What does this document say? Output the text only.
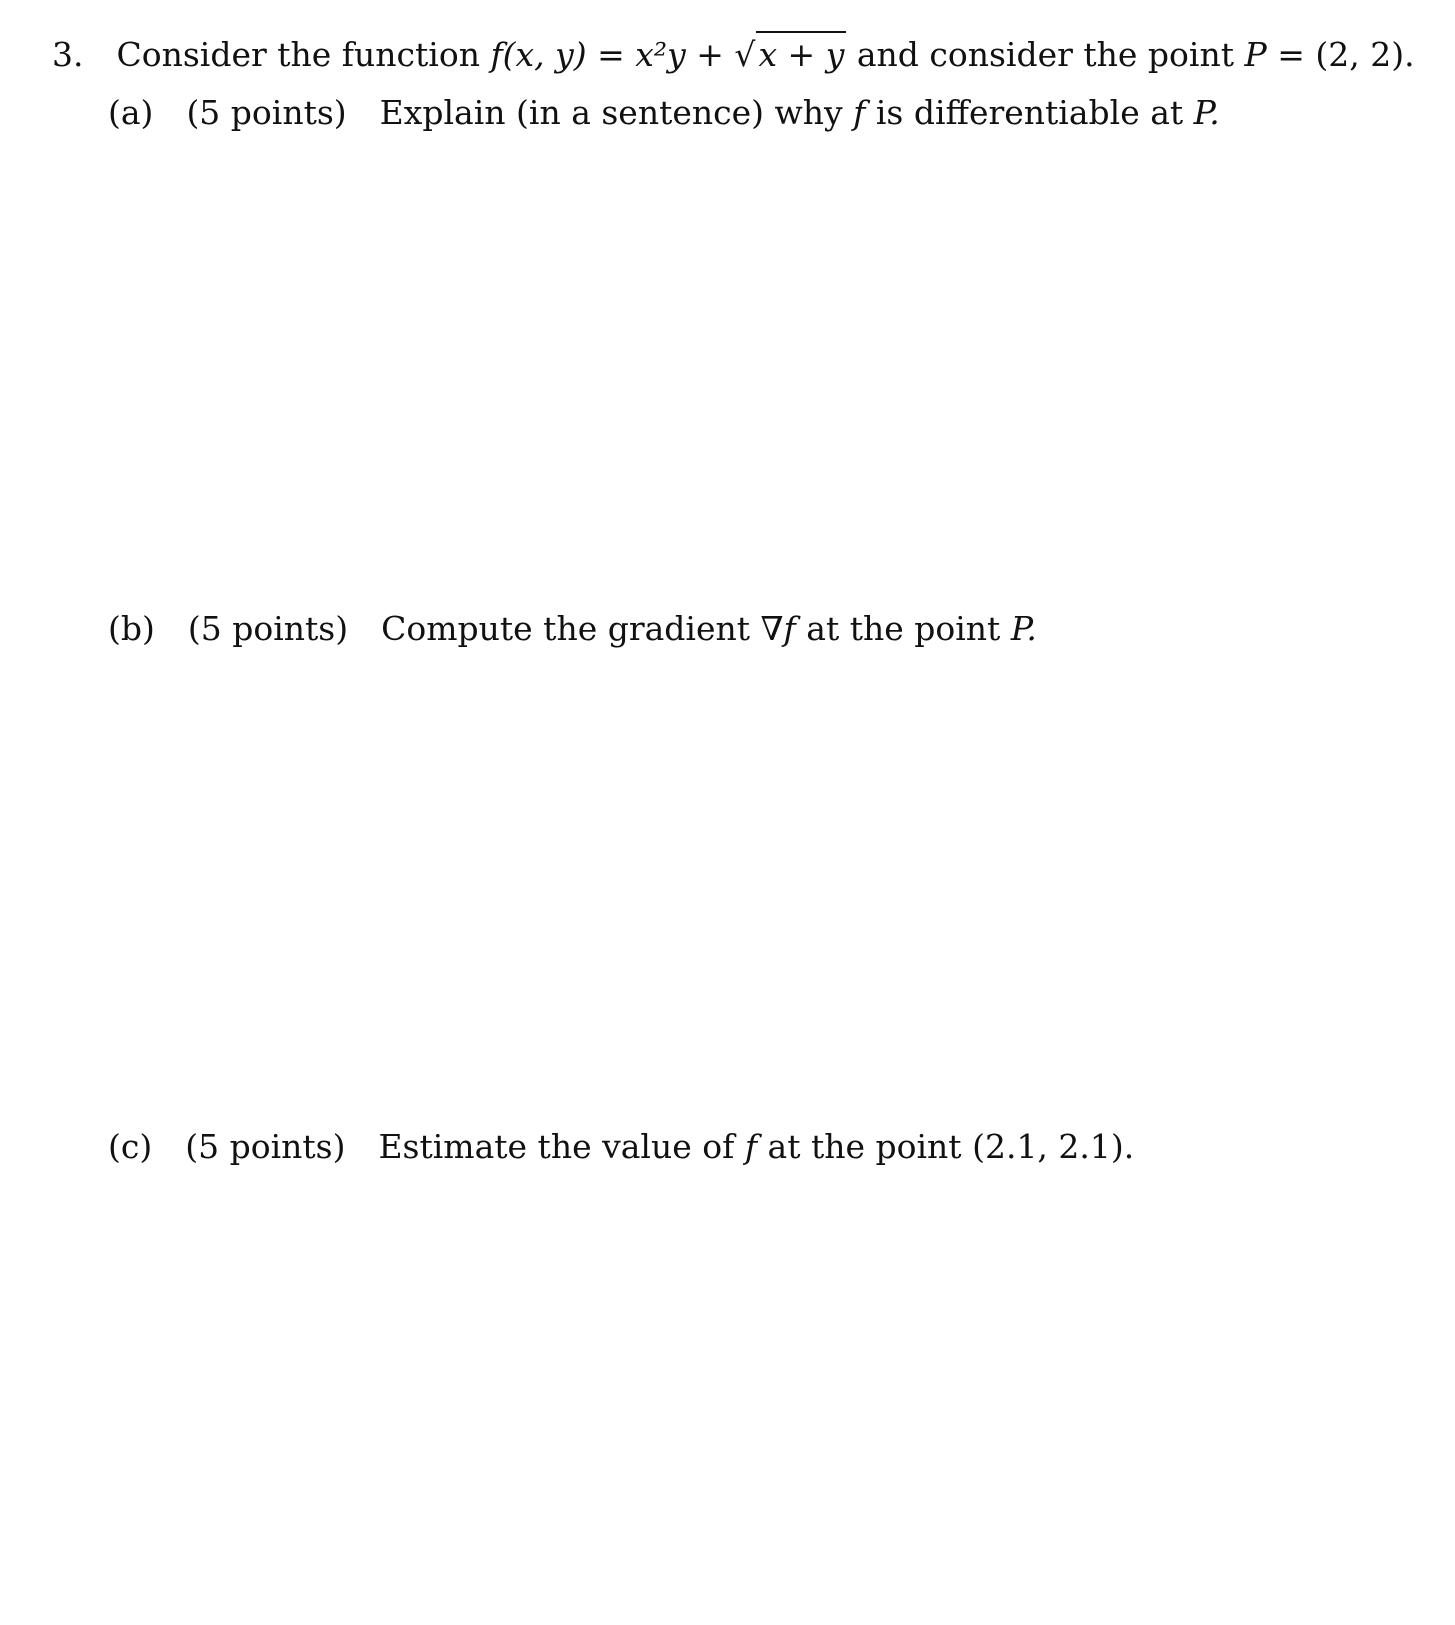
3. Consider the function f(x, y) = x²y + √x + y and consider the point P = (2, 2).
(a) (5 points) Explain (in a sentence) why f is differentiable at P.
(b) (5 points) Compute the gradient ∇f at the point P.
(c) (5 points) Estimate the value of f at the point (2.1, 2.1).
